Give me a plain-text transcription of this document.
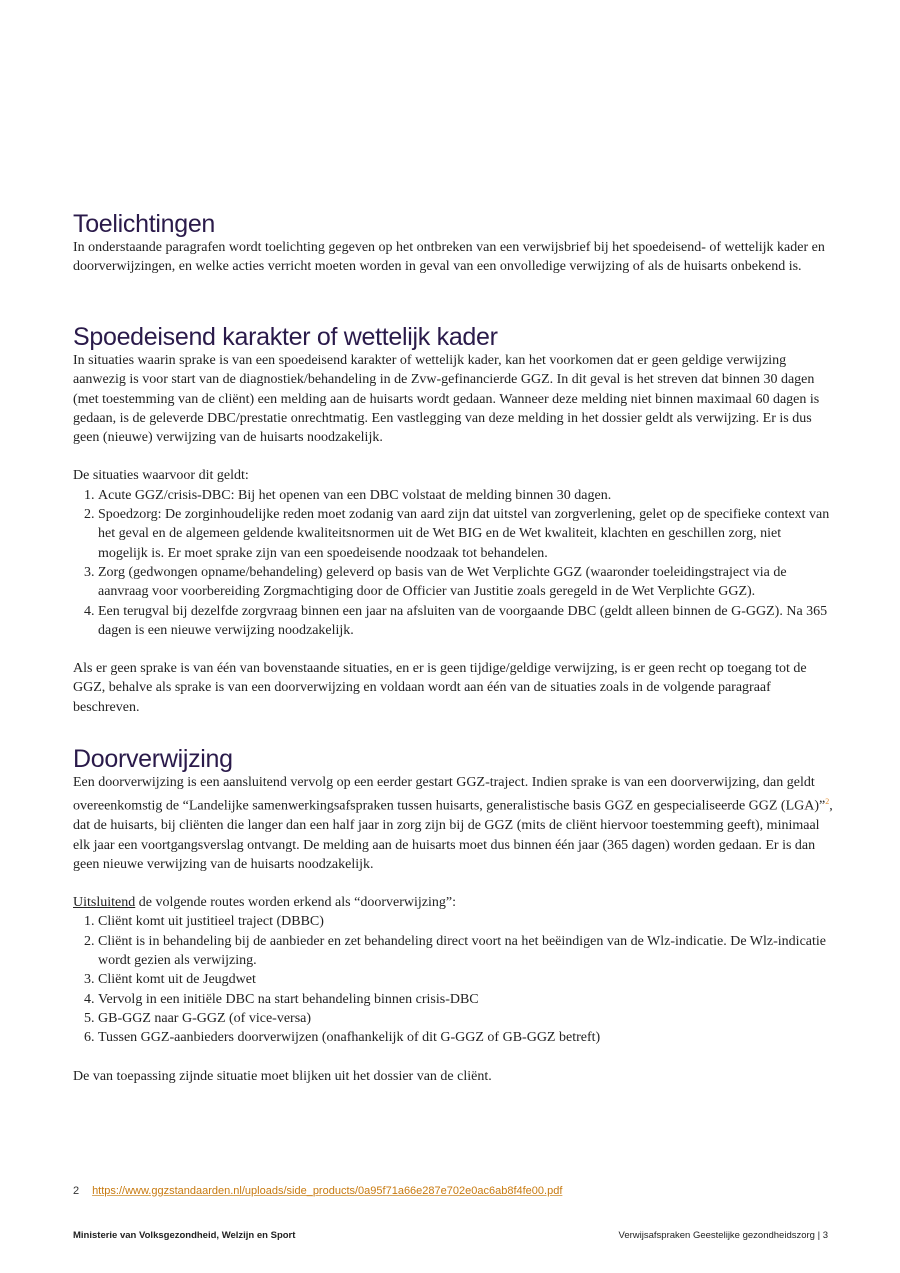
Toelichtingen

In onderstaande paragrafen wordt toelichting gegeven op het ontbreken van een verwijsbrief bij het spoedeisend- of wettelijk kader en doorverwijzingen, en welke acties verricht moeten worden in geval van een onvolledige verwijzing of als de huisarts onbekend is.

Spoedeisend karakter of wettelijk kader

In situaties waarin sprake is van een spoedeisend karakter of wettelijk kader, kan het voorkomen dat er geen geldige verwijzing aanwezig is voor start van de diagnostiek/behandeling in de Zvw-gefinancierde GGZ. In dit geval is het streven dat binnen 30 dagen (met toestemming van de cliënt) een melding aan de huisarts wordt gedaan. Wanneer deze melding niet binnen maximaal 60 dagen is gedaan, is de geleverde DBC/prestatie onrechtmatig. Een vastlegging van deze melding in het dossier geldt als verwijzing. Er is dus geen (nieuwe) verwijzing van de huisarts noodzakelijk.

De situaties waarvoor dit geldt:

1. Acute GGZ/crisis-DBC: Bij het openen van een DBC volstaat de melding binnen 30 dagen.
2. Spoedzorg: De zorginhoudelijke reden moet zodanig van aard zijn dat uitstel van zorgverlening, gelet op de specifieke context van het geval en de algemeen geldende kwaliteitsnormen uit de Wet BIG en de Wet kwaliteit, klachten en geschillen zorg, niet mogelijk is. Er moet sprake zijn van een spoedeisende noodzaak tot behandelen.
3. Zorg (gedwongen opname/behandeling) geleverd op basis van de Wet Verplichte GGZ (waaronder toeleidingstraject via de aanvraag voor voorbereiding Zorgmachtiging door de Officier van Justitie zoals geregeld in de Wet Verplichte GGZ).
4. Een terugval bij dezelfde zorgvraag binnen een jaar na afsluiten van de voorgaande DBC (geldt alleen binnen de G-GGZ). Na 365 dagen is een nieuwe verwijzing noodzakelijk.

Als er geen sprake is van één van bovenstaande situaties, en er is geen tijdige/geldige verwijzing, is er geen recht op toegang tot de GGZ, behalve als sprake is van een doorverwijzing en voldaan wordt aan één van de situaties zoals in de volgende paragraaf beschreven.

Doorverwijzing

Een doorverwijzing is een aansluitend vervolg op een eerder gestart GGZ-traject. Indien sprake is van een doorverwijzing, dan geldt overeenkomstig de “Landelijke samenwerkingsafspraken tussen huisarts, generalistische basis GGZ en gespecialiseerde GGZ (LGA)”$^2$, dat de huisarts, bij cliënten die langer dan een half jaar in zorg zijn bij de GGZ (mits de cliënt hiervoor toestemming geeft), minimaal elk jaar een voortgangsverslag ontvangt. De melding aan de huisarts moet dus binnen één jaar (365 dagen) worden gedaan. Er is dan geen nieuwe verwijzing van de huisarts noodzakelijk.

Uitsluitend de volgende routes worden erkend als “doorverwijzing”:

1. Cliënt komt uit justitieel traject (DBBC)
2. Cliënt is in behandeling bij de aanbieder en zet behandeling direct voort na het beëindigen van de Wlz-indicatie. De Wlz-indicatie wordt gezien als verwijzing.
3. Cliënt komt uit de Jeugdwet
4. Vervolg in een initiële DBC na start behandeling binnen crisis-DBC
5. GB-GGZ naar G-GGZ (of vice-versa)
6. Tussen GGZ-aanbieders doorverwijzen (onafhankelijk of dit G-GGZ of GB-GGZ betreft)

De van toepassing zijnde situatie moet blijken uit het dossier van de cliënt.

2 https://www.ggzstandaarden.nl/uploads/side_products/0a95f71a66e287e702e0ac6ab8f4fe00.pdf
Ministerie van Volksgezondheid, Welzijn en Sport	Verwijsafspraken Geestelijke gezondheidszorg | 3
